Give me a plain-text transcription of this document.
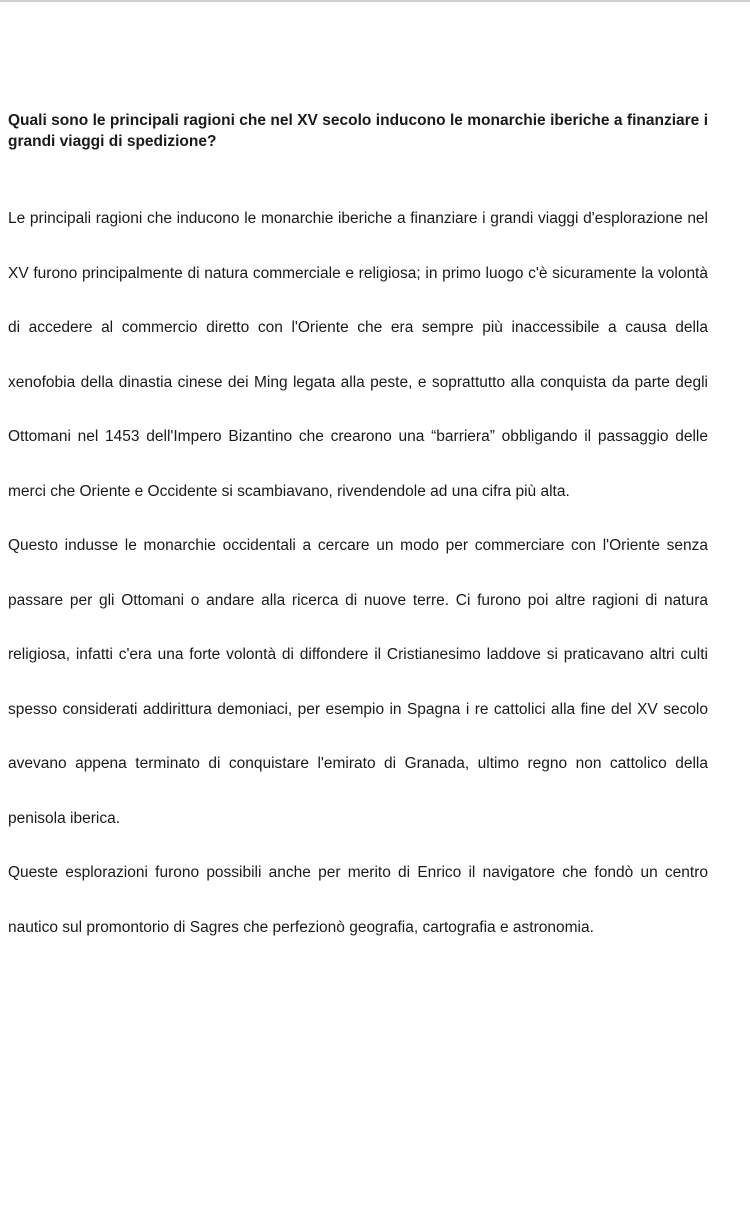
Quali sono le principali ragioni che nel XV secolo inducono le monarchie iberiche a finanziare i grandi viaggi di spedizione?

Le principali ragioni che inducono le monarchie iberiche a finanziare i grandi viaggi d'esplorazione nel XV furono principalmente di natura commerciale e religiosa; in primo luogo c'è sicuramente la volontà di accedere al commercio diretto con l'Oriente che era sempre più inaccessibile a causa della xenofobia della dinastia cinese dei Ming legata alla peste, e soprattutto alla conquista da parte degli Ottomani nel 1453 dell'Impero Bizantino che crearono una “barriera” obbligando il passaggio delle merci che Oriente e Occidente si scambiavano, rivendendole ad una cifra più alta.

Questo indusse le monarchie occidentali a cercare un modo per commerciare con l'Oriente senza passare per gli Ottomani o andare alla ricerca di nuove terre. Ci furono poi altre ragioni di natura religiosa, infatti c'era una forte volontà di diffondere il Cristianesimo laddove si praticavano altri culti spesso considerati addirittura demoniaci, per esempio in Spagna i re cattolici alla fine del XV secolo avevano appena terminato di conquistare l'emirato di Granada, ultimo regno non cattolico della penisola iberica.

Queste esplorazioni furono possibili anche per merito di Enrico il navigatore che fondò un centro nautico sul promontorio di Sagres che perfezionò geografia, cartografia e astronomia.
